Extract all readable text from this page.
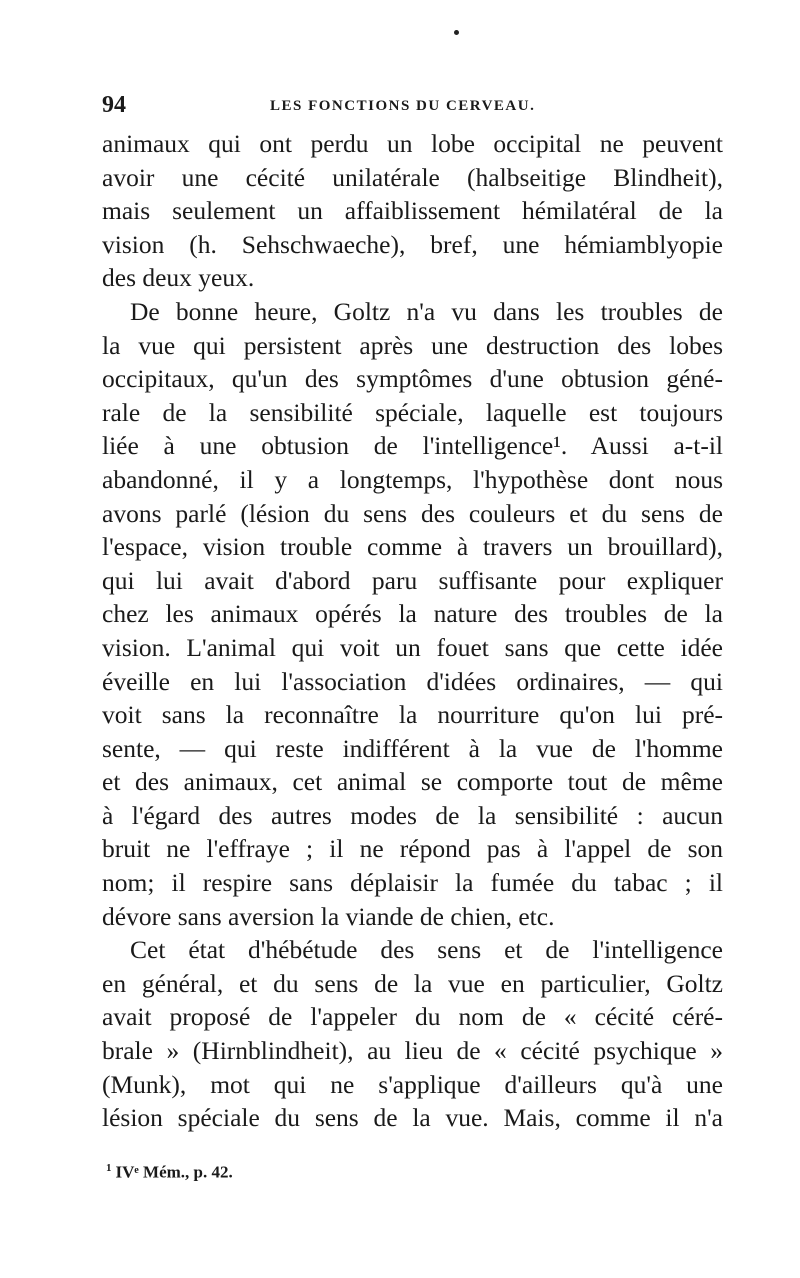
94	LES FONCTIONS DU CERVEAU.
animaux qui ont perdu un lobe occipital ne peuvent
avoir une cécité unilatérale (halbseitige Blindheit),
mais seulement un affaiblissement hémilatéral de la
vision (h. Sehschwaeche), bref, une hémiamblyopie
des deux yeux.
De bonne heure, Goltz n'a vu dans les troubles de
la vue qui persistent après une destruction des lobes
occipitaux, qu'un des symptômes d'une obtusion géné-
rale de la sensibilité spéciale, laquelle est toujours
liée à une obtusion de l'intelligence¹. Aussi a-t-il
abandonné, il y a longtemps, l'hypothèse dont nous
avons parlé (lésion du sens des couleurs et du sens de
l'espace, vision trouble comme à travers un brouillard),
qui lui avait d'abord paru suffisante pour expliquer
chez les animaux opérés la nature des troubles de la
vision. L'animal qui voit un fouet sans que cette idée
éveille en lui l'association d'idées ordinaires, — qui
voit sans la reconnaître la nourriture qu'on lui pré-
sente, — qui reste indifférent à la vue de l'homme
et des animaux, cet animal se comporte tout de même
à l'égard des autres modes de la sensibilité : aucun
bruit ne l'effraye ; il ne répond pas à l'appel de son
nom; il respire sans déplaisir la fumée du tabac ; il
dévore sans aversion la viande de chien, etc.
Cet état d'hébétude des sens et de l'intelligence
en général, et du sens de la vue en particulier, Goltz
avait proposé de l'appeler du nom de « cécité céré-
brale » (Hirnblindheit), au lieu de « cécité psychique »
(Munk), mot qui ne s'applique d'ailleurs qu'à une
lésion spéciale du sens de la vue. Mais, comme il n'a
$^1$ IVᵉ Mém., p. 42.
